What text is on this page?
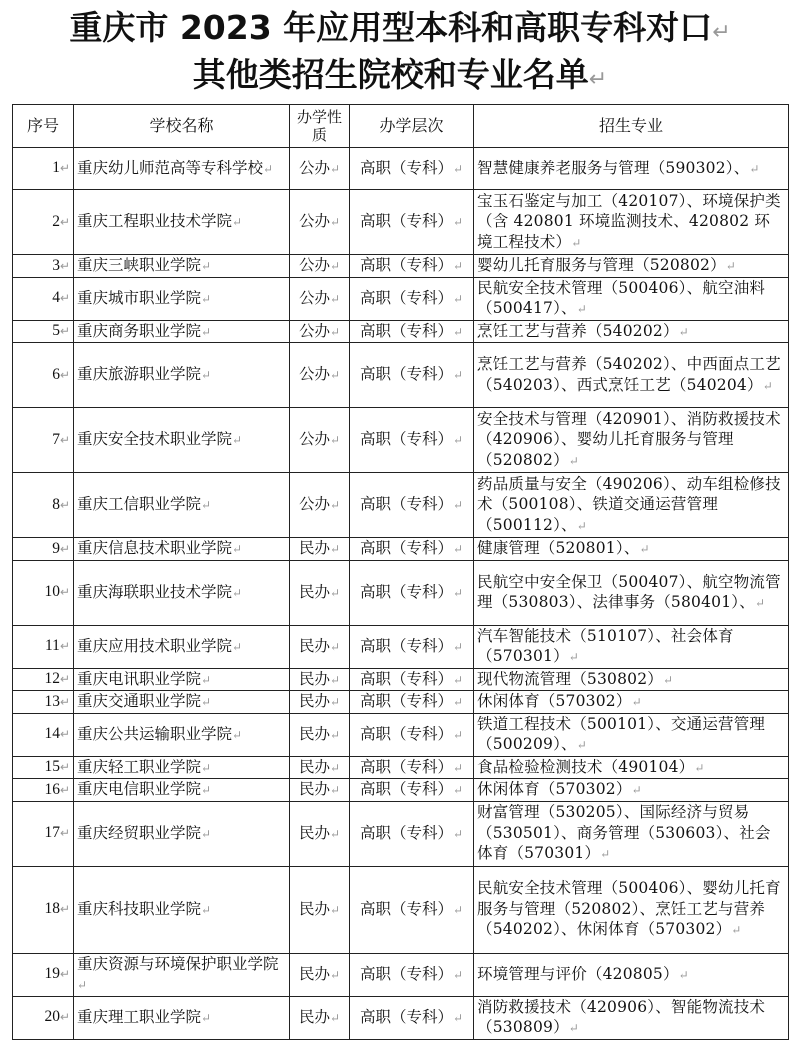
重庆市 2023 年应用型本科和高职专科对口↵
其他类招生院校和专业名单↵
序号	学校名称	办学性质	办学层次	招生专业
1↵	重庆幼儿师范高等专科学校↵	公办↵	高职（专科）↵	智慧健康养老服务与管理（590302）、↵
2↵	重庆工程职业技术学院↵	公办↵	高职（专科）↵	宝玉石鉴定与加工（420107）、环境保护类（含 420801 环境监测技术、420802 环境工程技术）↵
3↵	重庆三峡职业学院↵	公办↵	高职（专科）↵	婴幼儿托育服务与管理（520802）↵
4↵	重庆城市职业学院↵	公办↵	高职（专科）↵	民航安全技术管理（500406）、航空油料（500417）、↵
5↵	重庆商务职业学院↵	公办↵	高职（专科）↵	烹饪工艺与营养（540202）↵
6↵	重庆旅游职业学院↵	公办↵	高职（专科）↵	烹饪工艺与营养（540202）、中西面点工艺（540203）、西式烹饪工艺（540204）↵
7↵	重庆安全技术职业学院↵	公办↵	高职（专科）↵	安全技术与管理（420901）、消防救援技术（420906）、婴幼儿托育服务与管理（520802）↵
8↵	重庆工信职业学院↵	公办↵	高职（专科）↵	药品质量与安全（490206）、动车组检修技术（500108）、铁道交通运营管理（500112）、↵
9↵	重庆信息技术职业学院↵	民办↵	高职（专科）↵	健康管理（520801）、↵
10↵	重庆海联职业技术学院↵	民办↵	高职（专科）↵	民航空中安全保卫（500407）、航空物流管理（530803）、法律事务（580401）、↵
11↵	重庆应用技术职业学院↵	民办↵	高职（专科）↵	汽车智能技术（510107）、社会体育（570301）↵
12↵	重庆电讯职业学院↵	民办↵	高职（专科）↵	现代物流管理（530802）↵
13↵	重庆交通职业学院↵	民办↵	高职（专科）↵	休闲体育（570302）↵
14↵	重庆公共运输职业学院↵	民办↵	高职（专科）↵	铁道工程技术（500101）、交通运营管理（500209）、↵
15↵	重庆轻工职业学院↵	民办↵	高职（专科）↵	食品检验检测技术（490104）↵
16↵	重庆电信职业学院↵	民办↵	高职（专科）↵	休闲体育（570302）↵
17↵	重庆经贸职业学院↵	民办↵	高职（专科）↵	财富管理（530205）、国际经济与贸易（530501）、商务管理（530603）、社会体育（570301）↵
18↵	重庆科技职业学院↵	民办↵	高职（专科）↵	民航安全技术管理（500406）、婴幼儿托育服务与管理（520802）、烹饪工艺与营养（540202）、休闲体育（570302）↵
19↵	重庆资源与环境保护职业学院↵	民办↵	高职（专科）↵	环境管理与评价（420805）↵
20↵	重庆理工职业学院↵	民办↵	高职（专科）↵	消防救援技术（420906）、智能物流技术（530809）↵
